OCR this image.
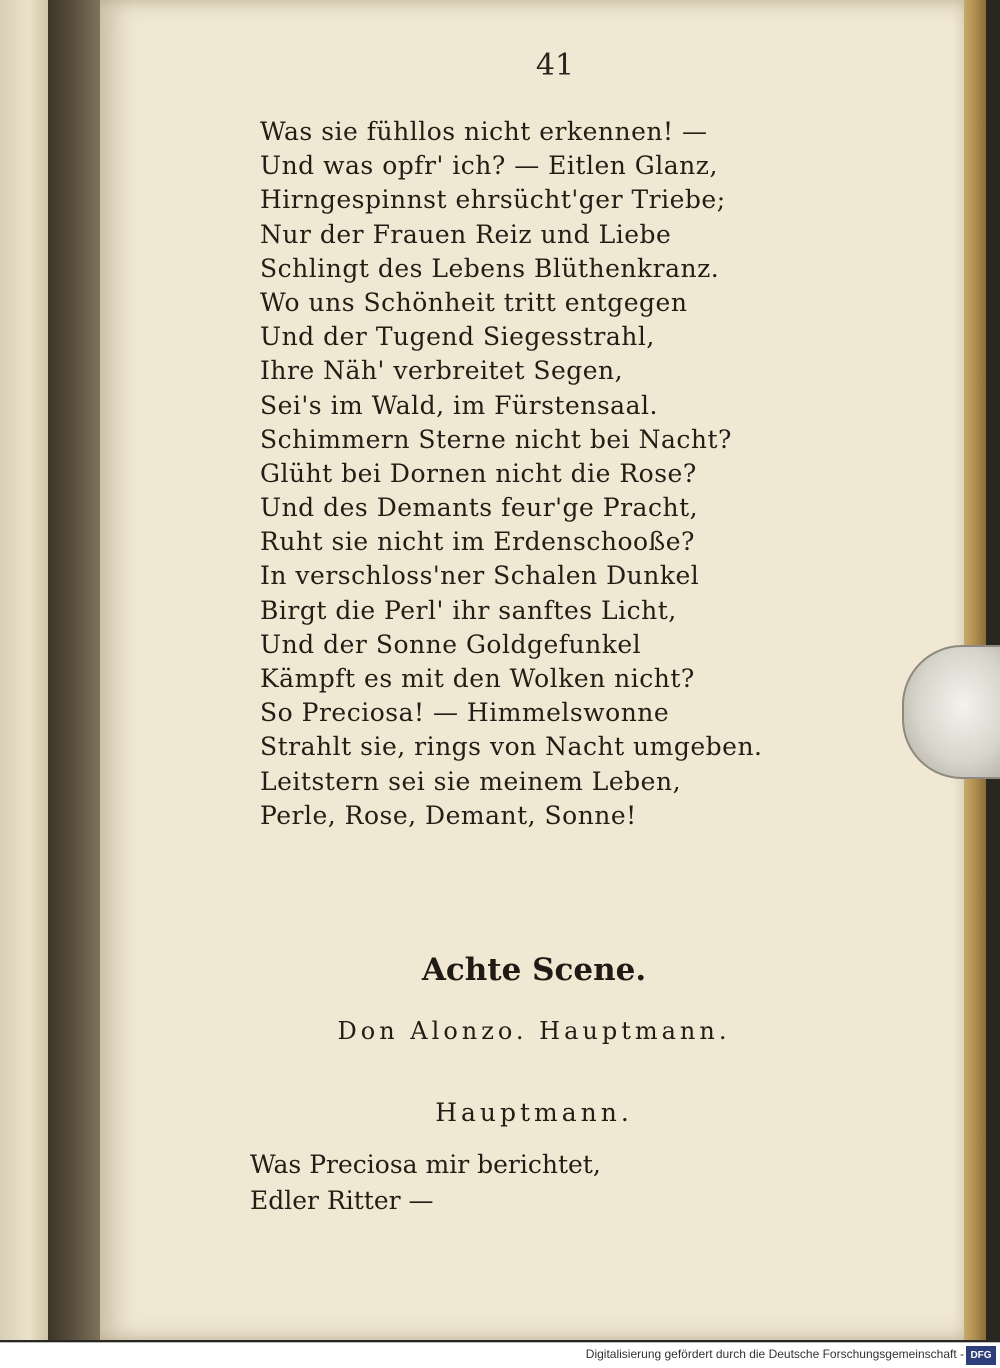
41
Was sie fühllos nicht erkennen! —
Und was opfr' ich? — Eitlen Glanz,
Hirngespinnst ehrsücht'ger Triebe;
Nur der Frauen Reiz und Liebe
Schlingt des Lebens Blüthenkranz.
Wo uns Schönheit tritt entgegen
Und der Tugend Siegesstrahl,
Ihre Näh' verbreitet Segen,
Sei's im Wald, im Fürstensaal.
Schimmern Sterne nicht bei Nacht?
Glüht bei Dornen nicht die Rose?
Und des Demants feur'ge Pracht,
Ruht sie nicht im Erdenschooße?
In verschloss'ner Schalen Dunkel
Birgt die Perl' ihr sanftes Licht,
Und der Sonne Goldgefunkel
Kämpft es mit den Wolken nicht?
So Preciosa! — Himmelswonne
Strahlt sie, rings von Nacht umgeben.
Leitstern sei sie meinem Leben,
Perle, Rose, Demant, Sonne!
Achte Scene.
Don Alonzo. Hauptmann.
Hauptmann.
Was Preciosa mir berichtet,
Edler Ritter —
Digitalisierung gefördert durch die Deutsche Forschungsgemeinschaft - DFG
